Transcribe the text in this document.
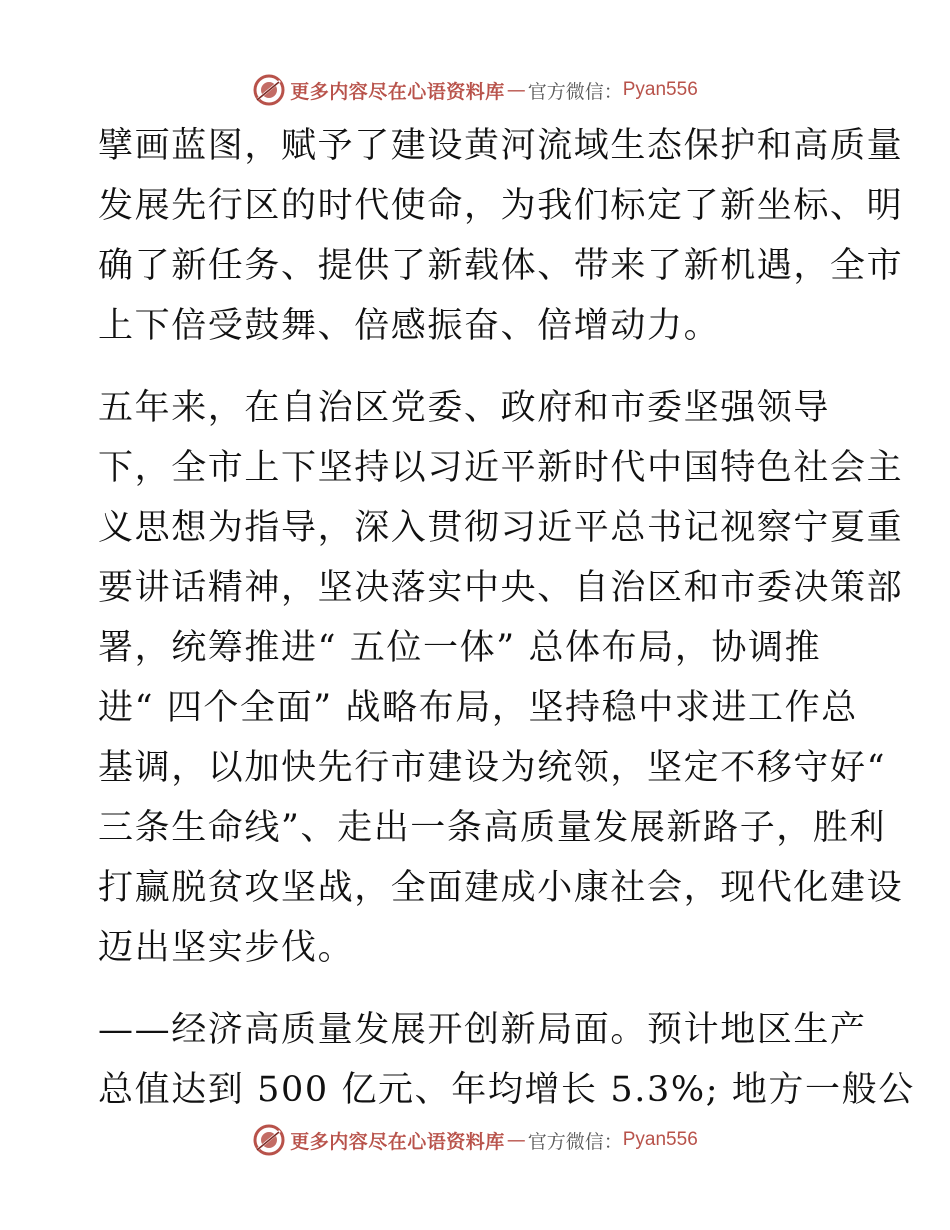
更多内容尽在心语资料库 — 官方微信： Pyan556
擘画蓝图，赋予了建设黄河流域生态保护和高质量
发展先行区的时代使命，为我们标定了新坐标、明
确了新任务、提供了新载体、带来了新机遇，全市
上下倍受鼓舞、倍感振奋、倍增动力。
五年来，在自治区党委、政府和市委坚强领导
下，全市上下坚持以习近平新时代中国特色社会主
义思想为指导，深入贯彻习近平总书记视察宁夏重
要讲话精神，坚决落实中央、自治区和市委决策部
署，统筹推进“ 五位一体” 总体布局，协调推
进“ 四个全面” 战略布局，坚持稳中求进工作总
基调，以加快先行市建设为统领，坚定不移守好“
三条生命线”、走出一条高质量发展新路子，胜利
打赢脱贫攻坚战，全面建成小康社会，现代化建设
迈出坚实步伐。
——经济高质量发展开创新局面。预计地区生产
总值达到 500 亿元、年均增长 5.3%; 地方一般公
更多内容尽在心语资料库 — 官方微信： Pyan556
